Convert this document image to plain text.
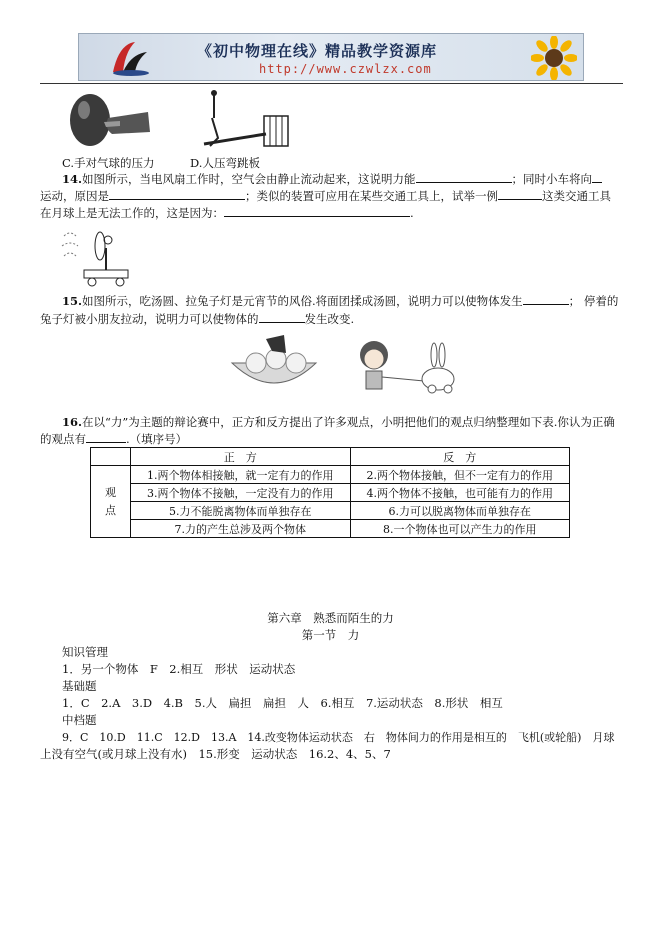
《初中物理在线》精品教学资源库
http://www.czwlzx.com
C.手对气球的压力	D.人压弯跳板
14.如图所示，当电风扇工作时，空气会由静止流动起来，这说明力能	；同时小车将向
运动，原因是	；类似的装置可应用在某些交通工具上，试举一例	这类交通工具
在月球上是无法工作的，这是因为：	.
15.如图所示，吃汤圆、拉兔子灯是元宵节的风俗.将面团揉成汤圆，说明力可以使物体发生	； 停着的
兔子灯被小朋友拉动，说明力可以使物体的	发生改变.
16.在以“力”为主题的辩论赛中，正方和反方提出了许多观点，小明把他们的观点归纳整理如下表.你认为正确
的观点有	.（填序号）
	正　方	反　方
观
点	1.两个物体相接触，就一定有力的作用	2.两个物体接触，但不一定有力的作用
	3.两个物体不接触，一定没有力的作用	4.两个物体不接触，也可能有力的作用
	5.力不能脱离物体而单独存在	6.力可以脱离物体而单独存在
	7.力的产生总涉及两个物体	8.一个物体也可以产生力的作用
第六章　熟悉而陌生的力
第一节　力
知识管理
1．另一个物体　F　2.相互　形状　运动状态
基础题
1．C　2.A　3.D　4.B　5.人　扁担　扁担　人　6.相互　7.运动状态　8.形状　相互
中档题
9．C　10.D　11.C　12.D　13.A　14.改变物体运动状态　右　物体间力的作用是相互的　飞机(或轮船)　月球
上没有空气(或月球上没有水)　15.形变　运动状态　16.2、4、5、7
